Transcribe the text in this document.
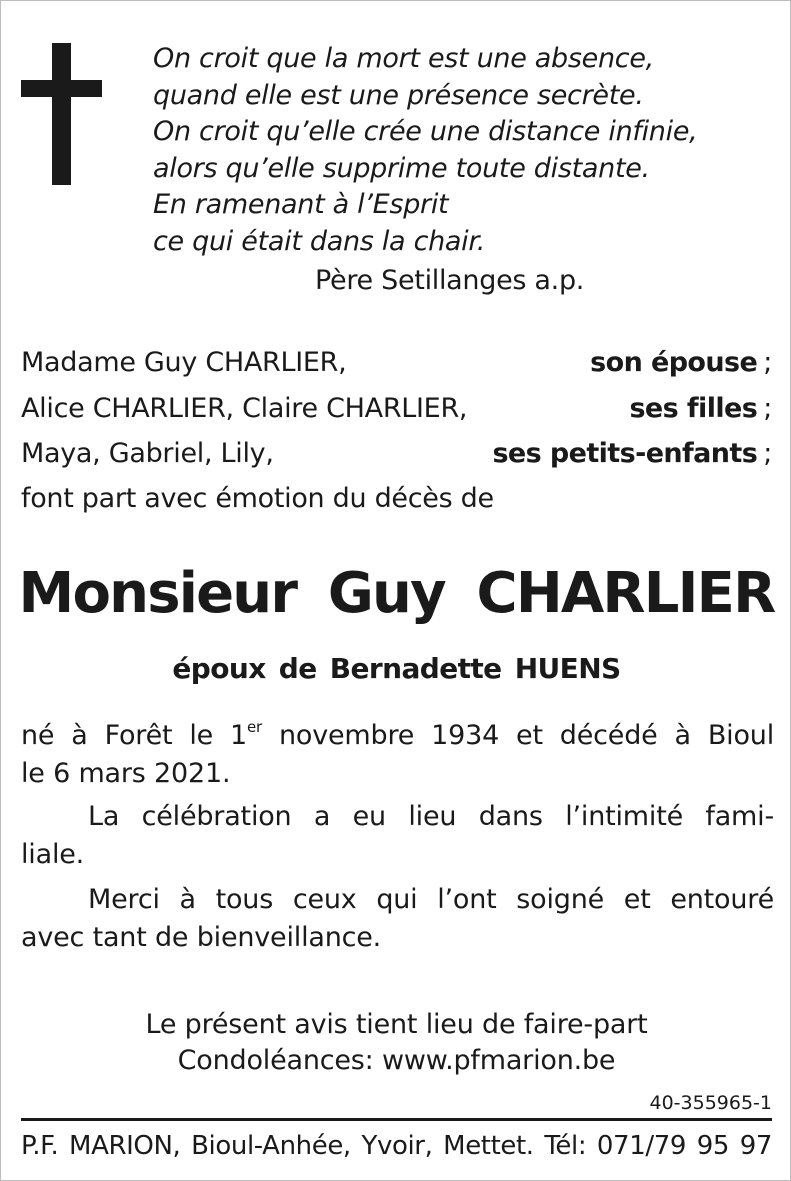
On croit que la mort est une absence,
quand elle est une présence secrète.
On croit qu’elle crée une distance infinie,
alors qu’elle supprime toute distante.
En ramenant à l’Esprit
ce qui était dans la chair.
Père Setillanges a.p.
Madame Guy CHARLIER,	son épouse ;
Alice CHARLIER, Claire CHARLIER,	ses filles ;
Maya, Gabriel, Lily,	ses petits-enfants ;
font part avec émotion du décès de
Monsieur Guy CHARLIER
époux de Bernadette HUENS
né à Forêt le 1er novembre 1934 et décédé à Bioul
le 6 mars 2021.
La célébration a eu lieu dans l’intimité fami-
liale.
Merci à tous ceux qui l’ont soigné et entouré
avec tant de bienveillance.
Le présent avis tient lieu de faire-part
Condoléances: www.pfmarion.be
40-355965-1
P.F. MARION, Bioul-Anhée, Yvoir, Mettet. Tél: 071/79 95 97
